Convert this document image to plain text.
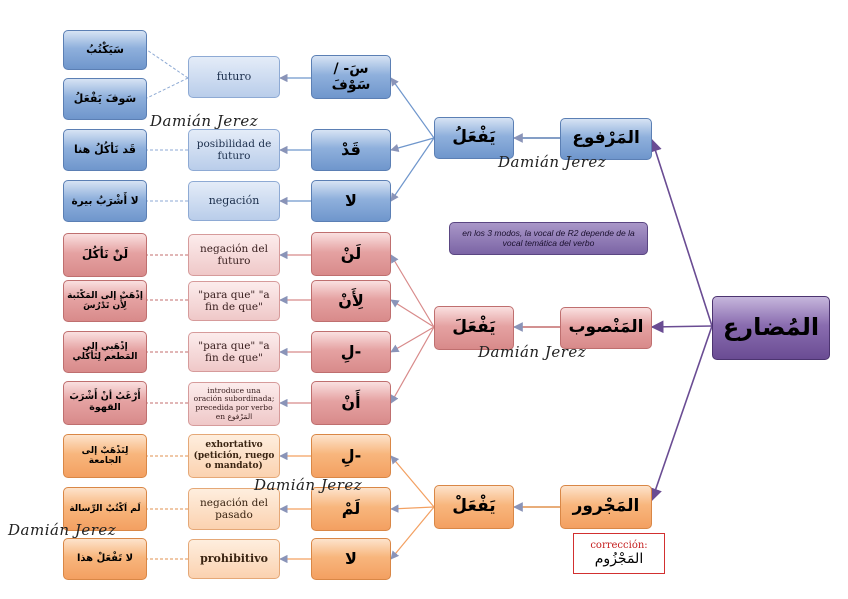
المُضارع
المَرْفوع
المَنْصوب
المَجْرور
يَفْعَلُ
يَفْعَلَ
يَفْعَلْ
en los 3 modos, la vocal de R2 depende de la vocal temática del verbo
سَ- / سَوْفَ
قَدْ
لا
لَنْ
لِأَنْ
لِ-
أَنْ
لِ-
لَمْ
لا
futuro
posibilidad de futuro
negación
negación del futuro
"para que" "a fin de que"
"para que" "a fin de que"
introduce una oración subordinada; precedida por verbo en المَرْفوع
exhortativo (petición, ruego o mandato)
negación del pasado
prohibitivo
سَيَكْتُبُ
سَوفَ يَفْعَلُ
قَد نَأكُلُ هنا
لا أَشْرَبُ بيرة
لَنْ نَأكُلَ
إذْهَبْ إلى المَكْتَبة لِأَن تَدْرُسَ
إذْهَبي إلى المَطعم لِتَأكُلي
أَرْغَبُ أنْ أَشْرَبَ القهوة
لِنَذْهَبْ إلى الجامعة
لَم اَكْتُبْ الرِّسالة
لا تَفْعَلْ هذا
corrección:
المَجْزُوم
Damián Jerez
Damián Jerez
Damián Jerez
Damián Jerez
Damián Jerez
